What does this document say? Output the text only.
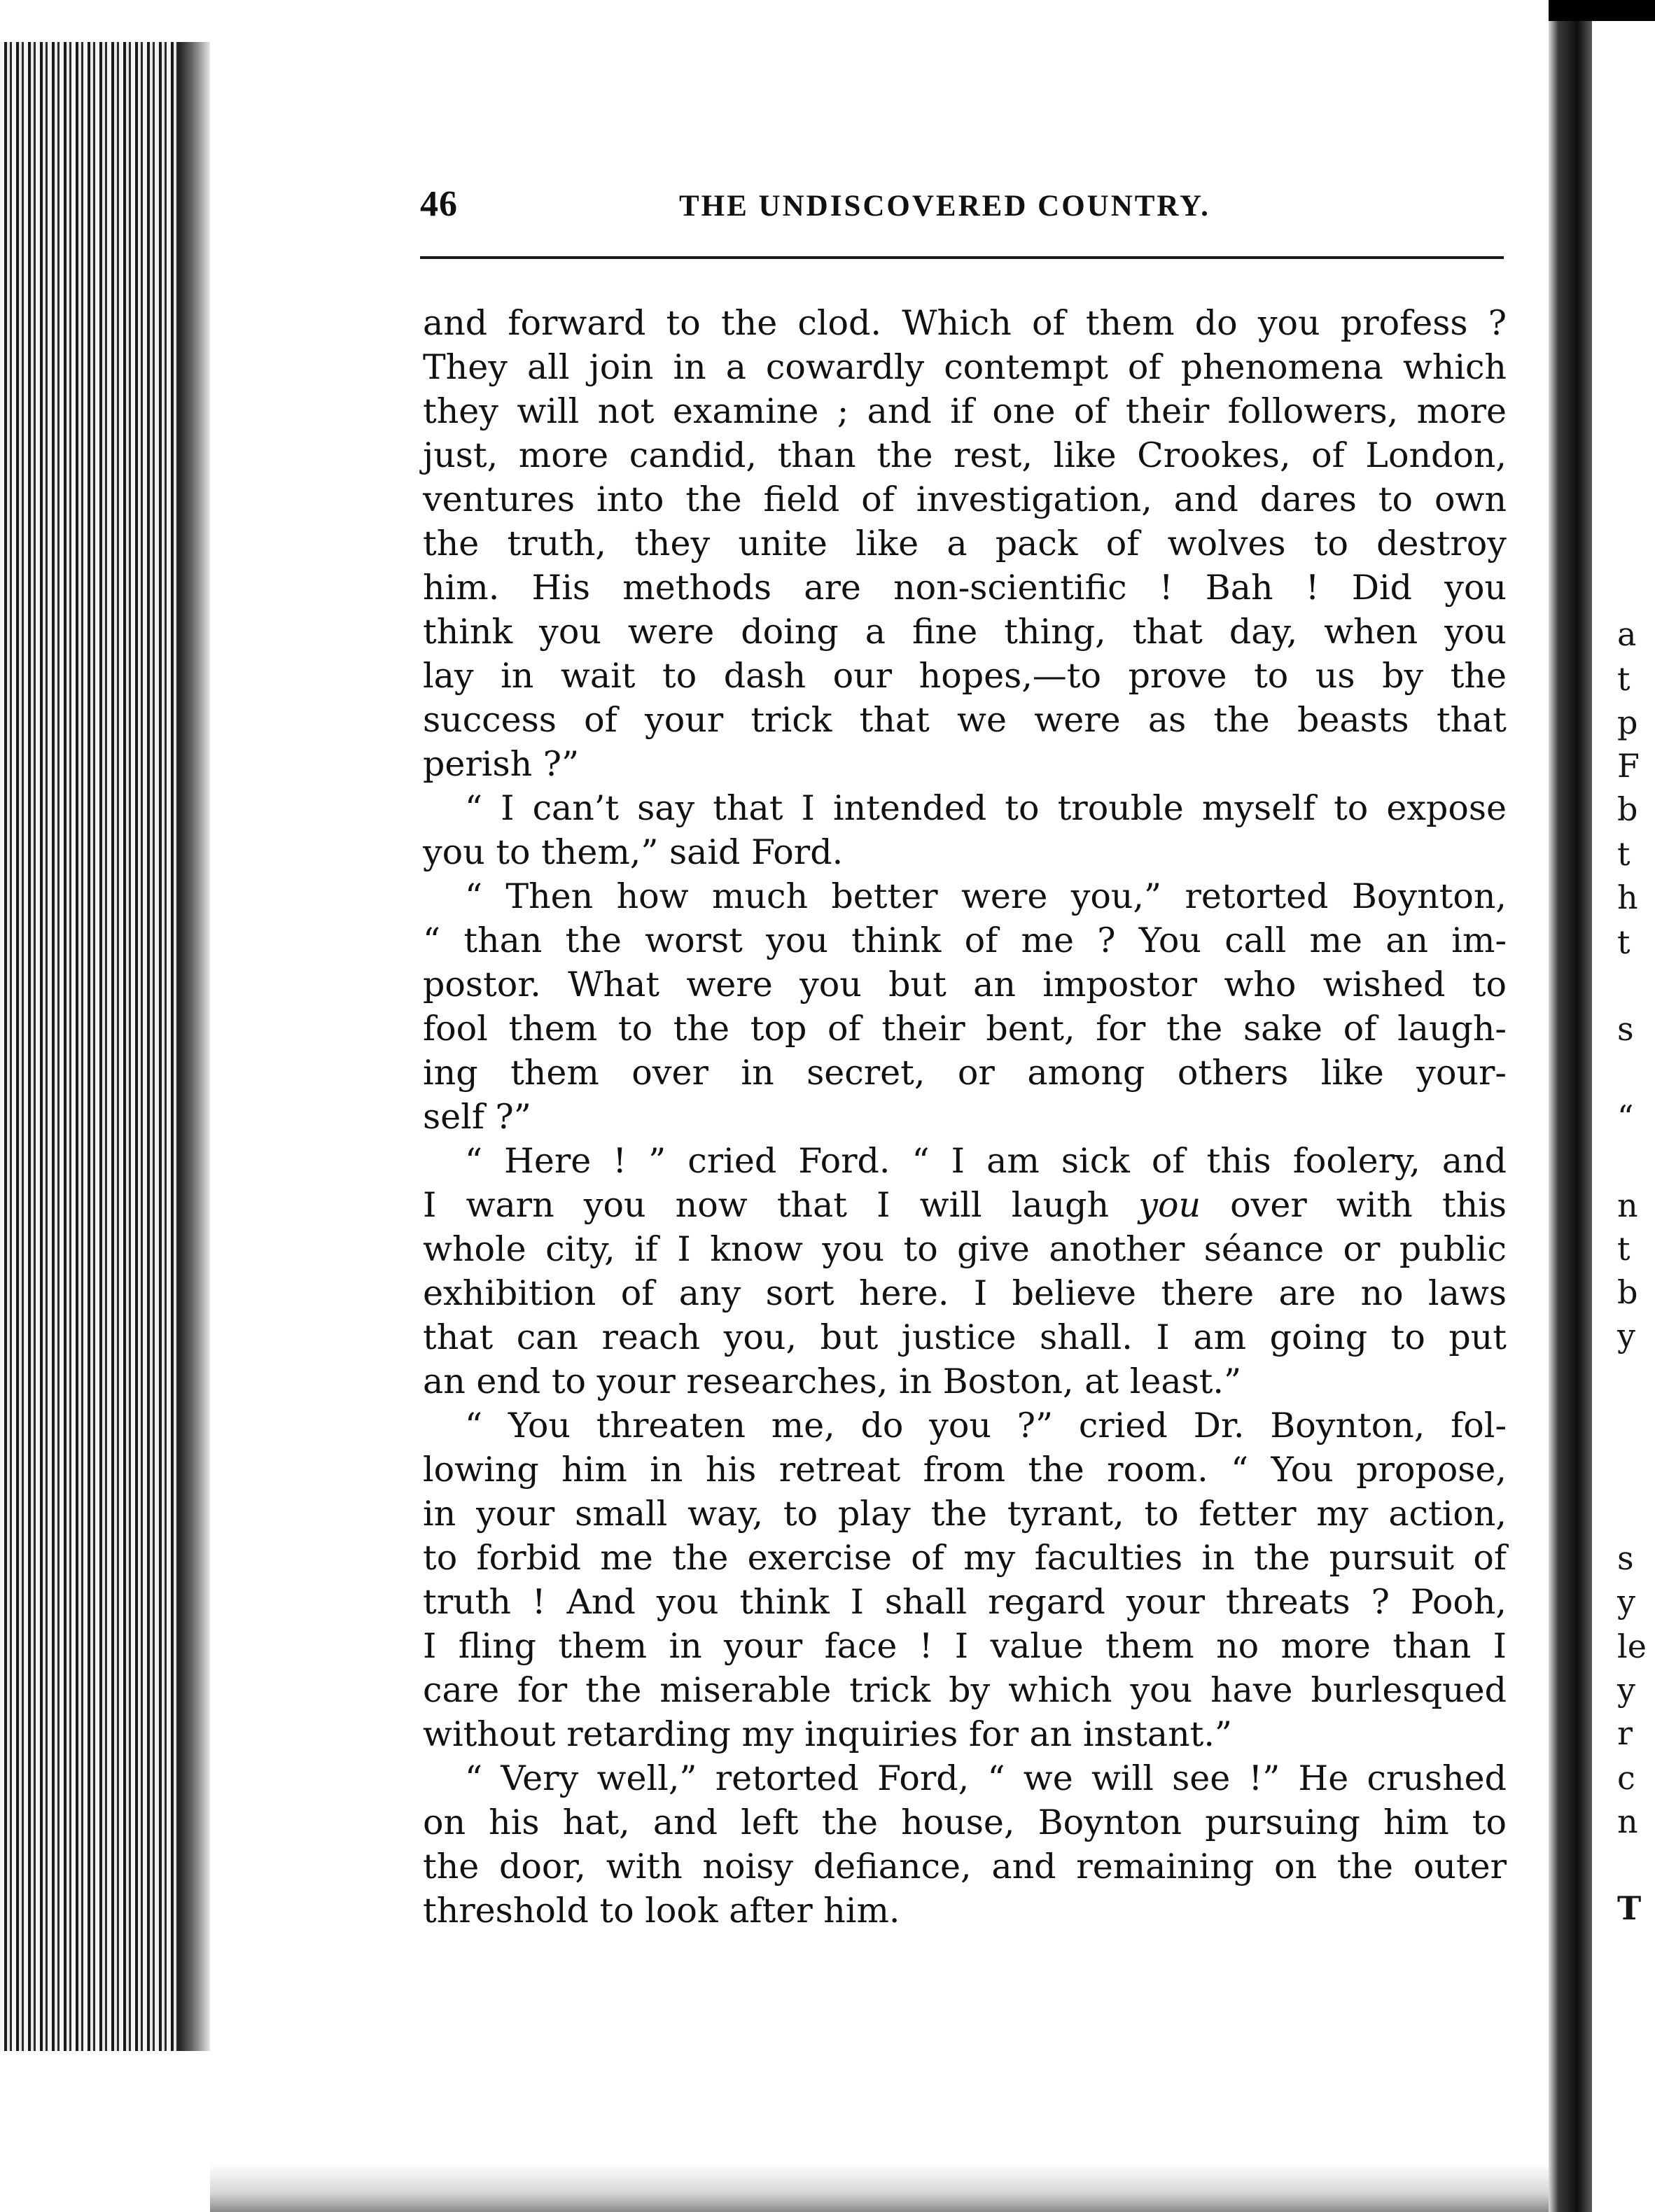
46	THE UNDISCOVERED COUNTRY.
and forward to the clod. Which of them do you profess ?
They all join in a cowardly contempt of phenomena which
they will not examine ; and if one of their followers, more
just, more candid, than the rest, like Crookes, of London,
ventures into the field of investigation, and dares to own
the truth, they unite like a pack of wolves to destroy
him. His methods are non-scientific ! Bah ! Did you
think you were doing a fine thing, that day, when you
lay in wait to dash our hopes,—to prove to us by the
success of your trick that we were as the beasts that
perish ?”
“ I can’t say that I intended to trouble myself to expose
you to them,” said Ford.
“ Then how much better were you,” retorted Boynton,
“ than the worst you think of me ? You call me an im-
postor. What were you but an impostor who wished to
fool them to the top of their bent, for the sake of laugh-
ing them over in secret, or among others like your-
self ?”
“ Here ! ” cried Ford. “ I am sick of this foolery, and
I warn you now that I will laugh you over with this
whole city, if I know you to give another séance or public
exhibition of any sort here. I believe there are no laws
that can reach you, but justice shall. I am going to put
an end to your researches, in Boston, at least.”
“ You threaten me, do you ?” cried Dr. Boynton, fol-
lowing him in his retreat from the room. “ You propose,
in your small way, to play the tyrant, to fetter my action,
to forbid me the exercise of my faculties in the pursuit of
truth ! And you think I shall regard your threats ? Pooh,
I fling them in your face ! I value them no more than I
care for the miserable trick by which you have burlesqued
without retarding my inquiries for an instant.”
“ Very well,” retorted Ford, “ we will see !” He crushed
on his hat, and left the house, Boynton pursuing him to
the door, with noisy defiance, and remaining on the outer
threshold to look after him.
a
t
p
F
b
t
h
t
s
“
n
t
b
y
s
y
le
y
r
c
n
T
